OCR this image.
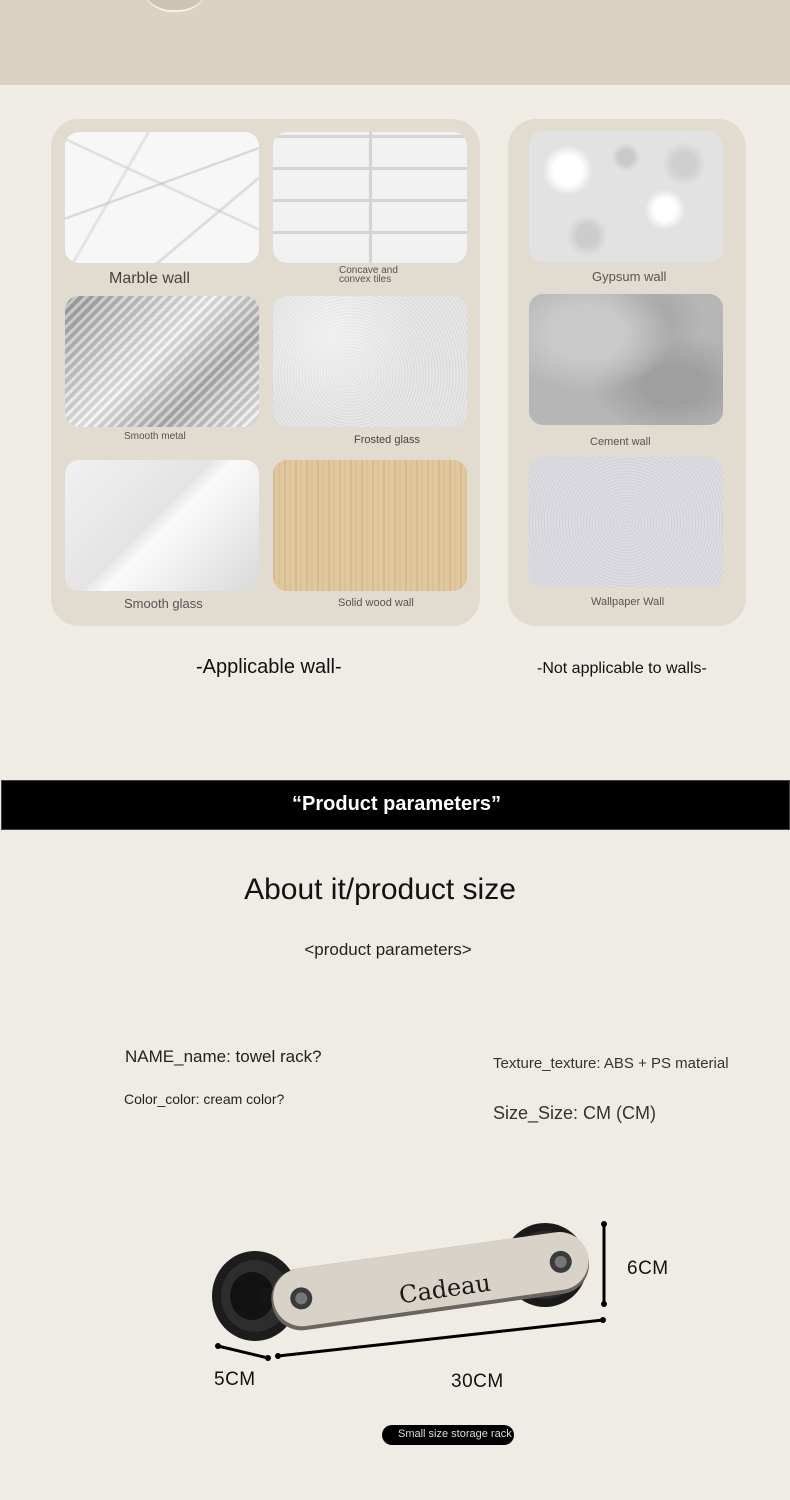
Marble wall	Concave and convex tiles
Smooth metal	Frosted glass
Smooth glass	Solid wood wall
Gypsum wall
Cement wall
Wallpaper Wall
-Applicable wall-	-Not applicable to walls-
“Product parameters”
About it/product size
<product parameters>
NAME_name: towel rack?
Color_color: cream color?
Texture_texture: ABS + PS material
Size_Size: CM (CM)
Cadeau
6CM
5CM	30CM
Small size storage rack
